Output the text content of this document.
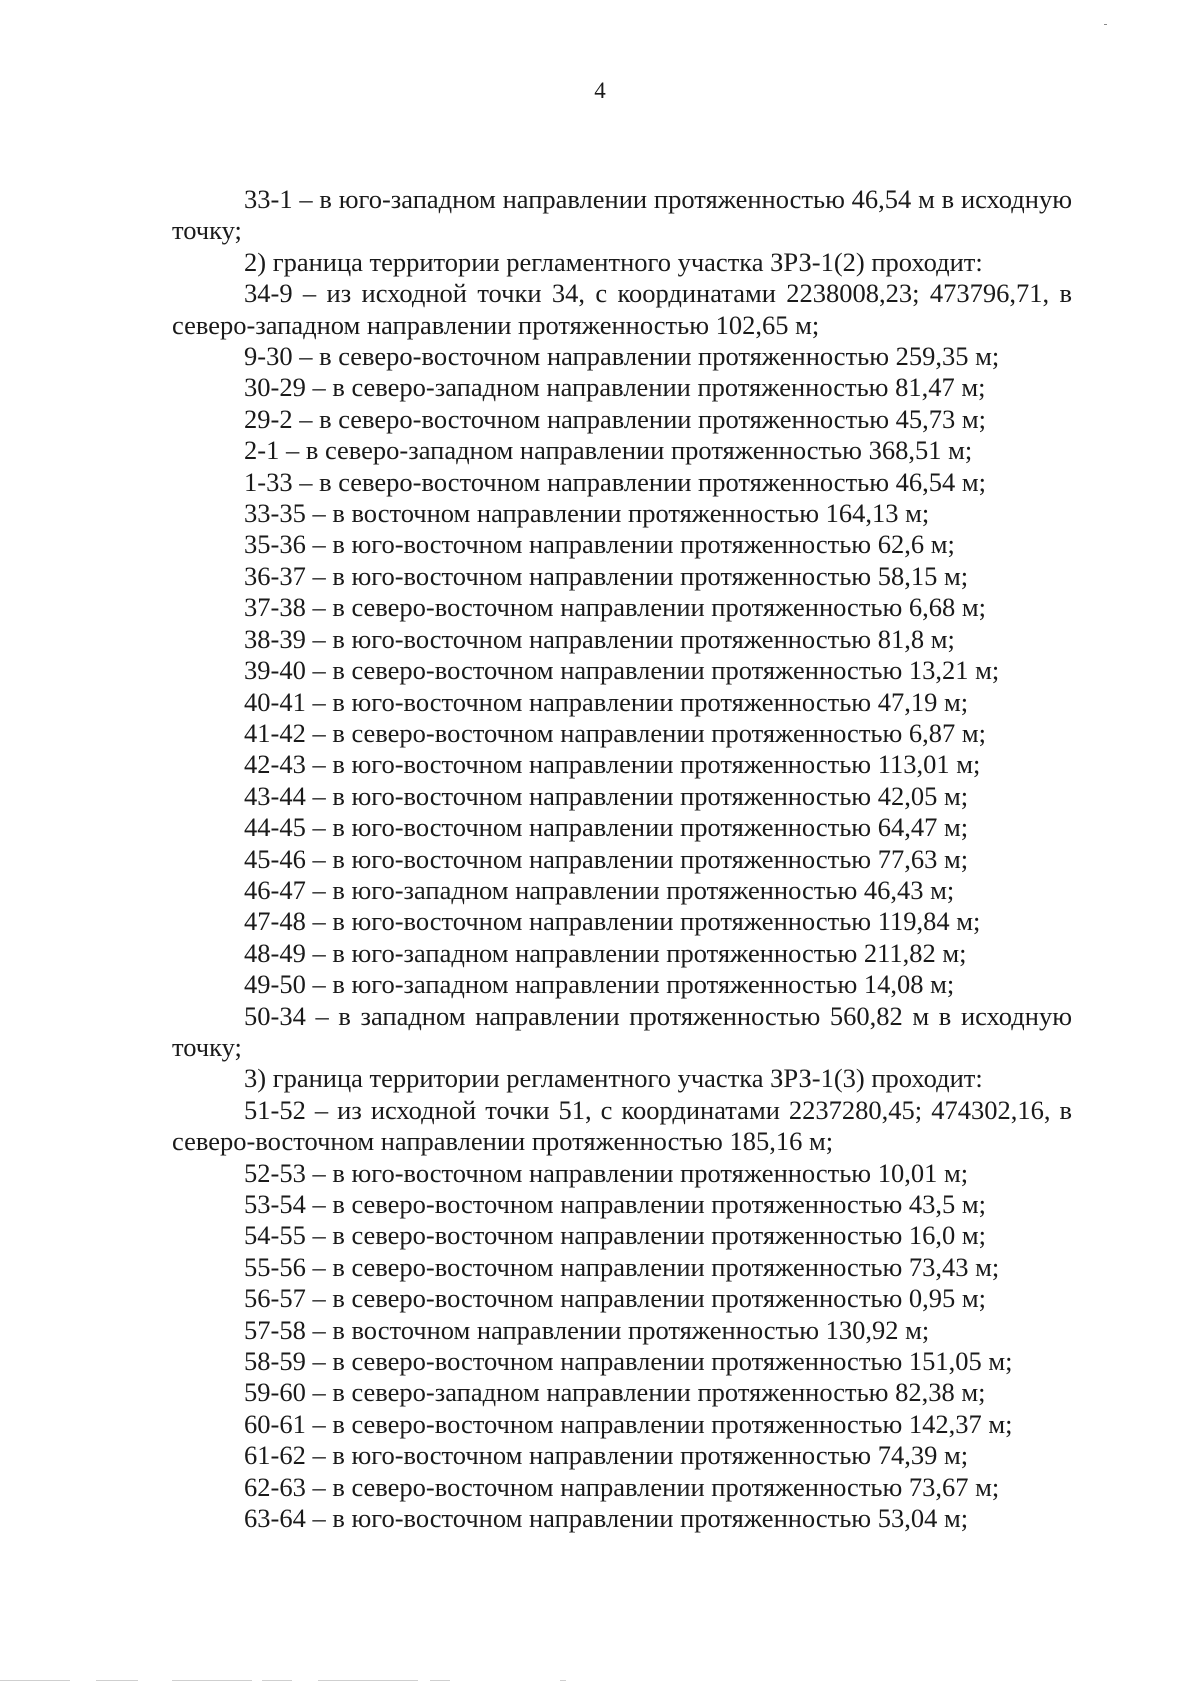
4

33-1 – в юго-западном направлении протяженностью 46,54 м в исходную точку;

2) граница территории регламентного участка ЗРЗ-1(2) проходит:

34-9 – из исходной точки 34, с координатами 2238008,23; 473796,71, в северо-западном направлении протяженностью 102,65 м;

9-30 – в северо-восточном направлении протяженностью 259,35 м;

30-29 – в северо-западном направлении протяженностью 81,47 м;

29-2 – в северо-восточном направлении протяженностью 45,73 м;

2-1 – в северо-западном направлении протяженностью 368,51 м;

1-33 – в северо-восточном направлении протяженностью 46,54 м;

33-35 – в восточном направлении протяженностью 164,13 м;

35-36 – в юго-восточном направлении протяженностью 62,6 м;

36-37 – в юго-восточном направлении протяженностью 58,15 м;

37-38 – в северо-восточном направлении протяженностью 6,68 м;

38-39 – в юго-восточном направлении протяженностью 81,8 м;

39-40 – в северо-восточном направлении протяженностью 13,21 м;

40-41 – в юго-восточном направлении протяженностью 47,19 м;

41-42 – в северо-восточном направлении протяженностью 6,87 м;

42-43 – в юго-восточном направлении протяженностью 113,01 м;

43-44 – в юго-восточном направлении протяженностью 42,05 м;

44-45 – в юго-восточном направлении протяженностью 64,47 м;

45-46 – в юго-восточном направлении протяженностью 77,63 м;

46-47 – в юго-западном направлении протяженностью 46,43 м;

47-48 – в юго-восточном направлении протяженностью 119,84 м;

48-49 – в юго-западном направлении протяженностью 211,82 м;

49-50 – в юго-западном направлении протяженностью 14,08 м;

50-34 – в западном направлении протяженностью 560,82 м в исходную точку;

3) граница территории регламентного участка ЗРЗ-1(3) проходит:

51-52 – из исходной точки 51, с координатами 2237280,45; 474302,16, в северо-восточном направлении протяженностью 185,16 м;

52-53 – в юго-восточном направлении протяженностью 10,01 м;

53-54 – в северо-восточном направлении протяженностью 43,5 м;

54-55 – в северо-восточном направлении протяженностью 16,0 м;

55-56 – в северо-восточном направлении протяженностью 73,43 м;

56-57 – в северо-восточном направлении протяженностью 0,95 м;

57-58 – в восточном направлении протяженностью 130,92 м;

58-59 – в северо-восточном направлении протяженностью 151,05 м;

59-60 – в северо-западном направлении протяженностью 82,38 м;

60-61 – в северо-восточном направлении протяженностью 142,37 м;

61-62 – в юго-восточном направлении протяженностью 74,39 м;

62-63 – в северо-восточном направлении протяженностью 73,67 м;

63-64 – в юго-восточном направлении протяженностью 53,04 м;
